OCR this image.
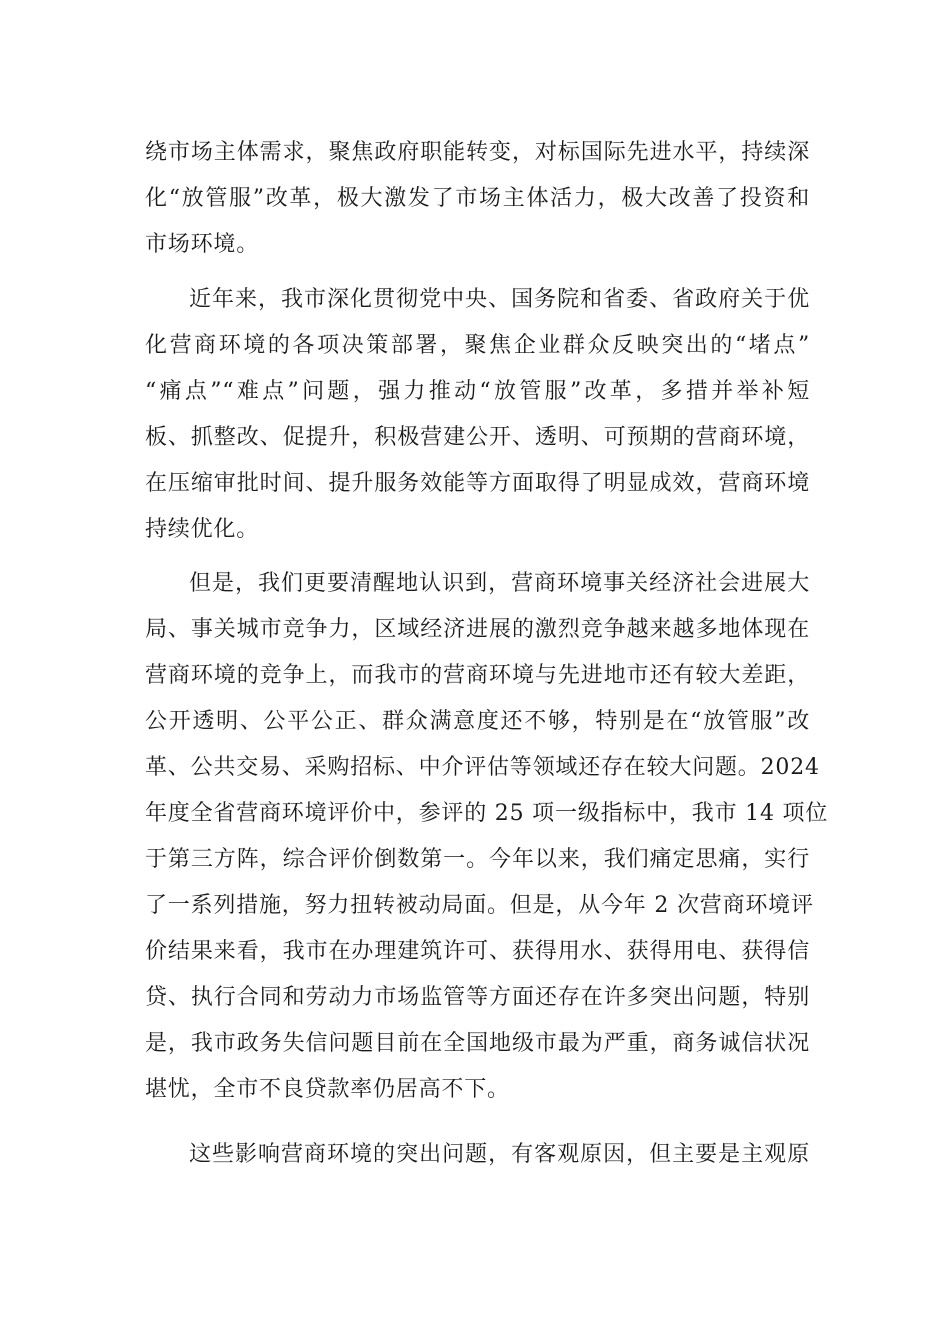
绕市场主体需求，聚焦政府职能转变，对标国际先进水平，持续深
化“放管服”改革，极大激发了市场主体活力，极大改善了投资和
市场环境。
近年来，我市深化贯彻党中央、国务院和省委、省政府关于优
化营商环境的各项决策部署，聚焦企业群众反映突出的“堵点”
“痛点”“难点”问题，强力推动“放管服”改革，多措并举补短
板、抓整改、促提升，积极营建公开、透明、可预期的营商环境，
在压缩审批时间、提升服务效能等方面取得了明显成效，营商环境
持续优化。
但是，我们更要清醒地认识到，营商环境事关经济社会进展大
局、事关城市竞争力，区域经济进展的激烈竞争越来越多地体现在
营商环境的竞争上，而我市的营商环境与先进地市还有较大差距，
公开透明、公平公正、群众满意度还不够，特别是在“放管服”改
革、公共交易、采购招标、中介评估等领域还存在较大问题。2024
年度全省营商环境评价中，参评的 25 项一级指标中，我市 14 项位
于第三方阵，综合评价倒数第一。今年以来，我们痛定思痛，实行
了一系列措施，努力扭转被动局面。但是，从今年 2 次营商环境评
价结果来看，我市在办理建筑许可、获得用水、获得用电、获得信
贷、执行合同和劳动力市场监管等方面还存在许多突出问题，特别
是，我市政务失信问题目前在全国地级市最为严重，商务诚信状况
堪忧，全市不良贷款率仍居高不下。
这些影响营商环境的突出问题，有客观原因，但主要是主观原
